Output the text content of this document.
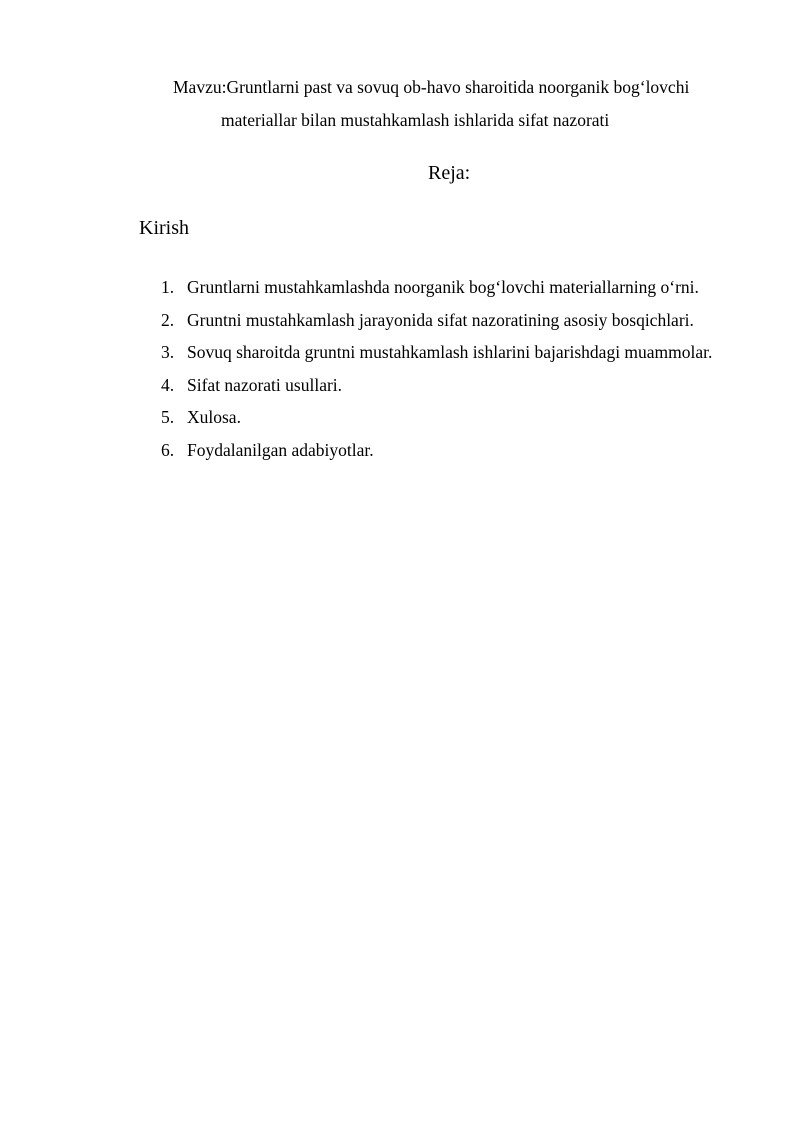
Mavzu:Gruntlarni past va sovuq ob-havo sharoitida noorganik bog‘lovchi
materiallar bilan mustahkamlash ishlarida sifat nazorati
Reja:
Kirish
1. Gruntlarni mustahkamlashda noorganik bog‘lovchi materiallarning o‘rni.
2. Gruntni mustahkamlash jarayonida sifat nazoratining asosiy bosqichlari.
3. Sovuq sharoitda gruntni mustahkamlash ishlarini bajarishdagi muammolar.
4. Sifat nazorati usullari.
5. Xulosa.
6. Foydalanilgan adabiyotlar.
